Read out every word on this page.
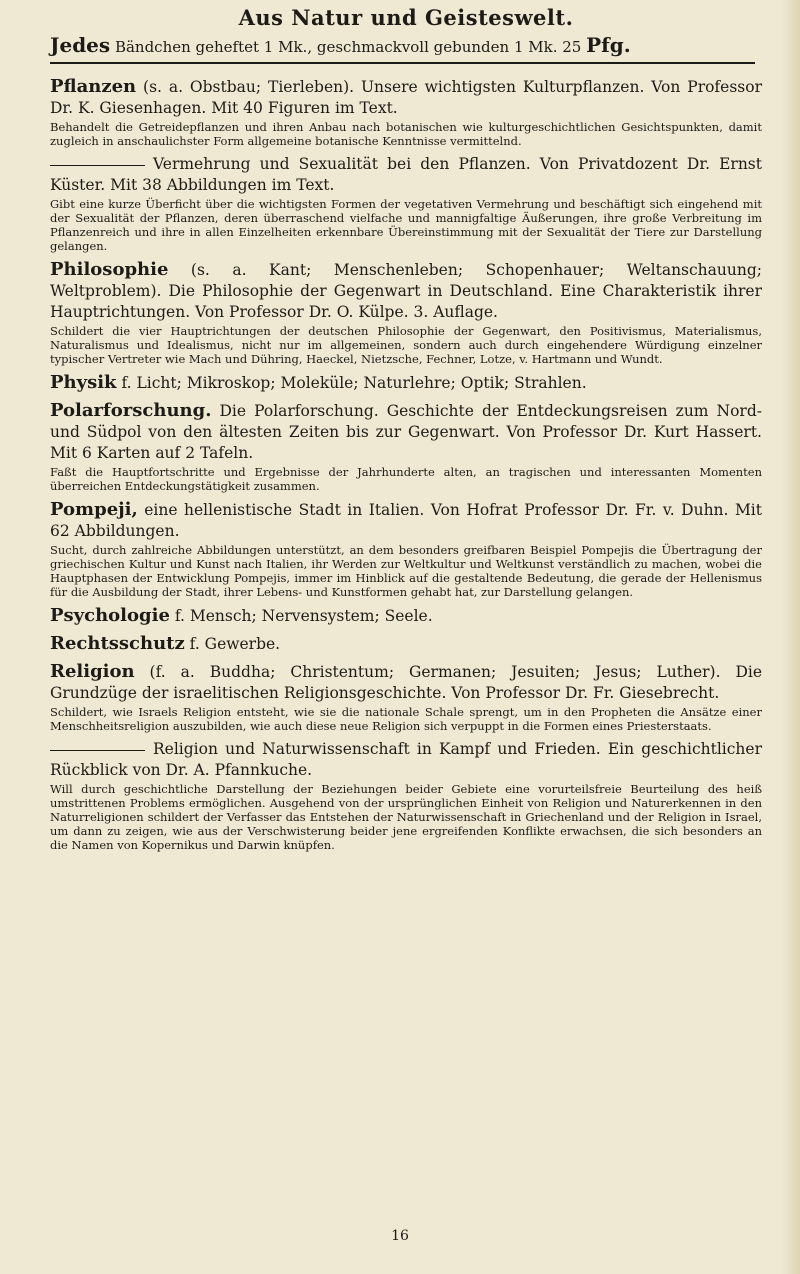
Aus Natur und Geisteswelt.
Jedes Bändchen geheftet 1 Mk., geschmackvoll gebunden 1 Mk. 25 Pfg.
Pflanzen (s. a. Obstbau; Tierleben). Unsere wichtigsten Kulturpflanzen. Von Professor Dr. K. Giesenhagen. Mit 40 Figuren im Text.
Behandelt die Getreidepflanzen und ihren Anbau nach botanischen wie kulturgeschichtlichen Gesichtspunkten, damit zugleich in anschaulichster Form allgemeine botanische Kenntnisse vermittelnd.
Vermehrung und Sexualität bei den Pflanzen. Von Privatdozent Dr. Ernst Küster. Mit 38 Abbildungen im Text.
Gibt eine kurze Überficht über die wichtigsten Formen der vegetativen Vermehrung und beschäftigt sich eingehend mit der Sexualität der Pflanzen, deren überraschend vielfache und mannigfaltige Äußerungen, ihre große Verbreitung im Pflanzenreich und ihre in allen Einzelheiten erkennbare Übereinstimmung mit der Sexualität der Tiere zur Darstellung gelangen.
Philosophie (s. a. Kant; Menschenleben; Schopenhauer; Weltanschauung; Weltproblem). Die Philosophie der Gegenwart in Deutschland. Eine Charakteristik ihrer Hauptrichtungen. Von Professor Dr. O. Külpe. 3. Auflage.
Schildert die vier Hauptrichtungen der deutschen Philosophie der Gegenwart, den Positivismus, Materialismus, Naturalismus und Idealismus, nicht nur im allgemeinen, sondern auch durch eingehendere Würdigung einzelner typischer Vertreter wie Mach und Dühring, Haeckel, Nietzsche, Fechner, Lotze, v. Hartmann und Wundt.
Physik f. Licht; Mikroskop; Moleküle; Naturlehre; Optik; Strahlen.
Polarforschung. Die Polarforschung. Geschichte der Entdeckungsreisen zum Nord- und Südpol von den ältesten Zeiten bis zur Gegenwart. Von Professor Dr. Kurt Hassert. Mit 6 Karten auf 2 Tafeln.
Faßt die Hauptfortschritte und Ergebnisse der Jahrhunderte alten, an tragischen und interessanten Momenten überreichen Entdeckungstätigkeit zusammen.
Pompeji, eine hellenistische Stadt in Italien. Von Hofrat Professor Dr. Fr. v. Duhn. Mit 62 Abbildungen.
Sucht, durch zahlreiche Abbildungen unterstützt, an dem besonders greifbaren Beispiel Pompejis die Übertragung der griechischen Kultur und Kunst nach Italien, ihr Werden zur Weltkultur und Weltkunst verständlich zu machen, wobei die Hauptphasen der Entwicklung Pompejis, immer im Hinblick auf die gestaltende Bedeutung, die gerade der Hellenismus für die Ausbildung der Stadt, ihrer Lebens- und Kunstformen gehabt hat, zur Darstellung gelangen.
Psychologie f. Mensch; Nervensystem; Seele.
Rechtsschutz f. Gewerbe.
Religion (f. a. Buddha; Christentum; Germanen; Jesuiten; Jesus; Luther). Die Grundzüge der israelitischen Religionsgeschichte. Von Professor Dr. Fr. Giesebrecht.
Schildert, wie Israels Religion entsteht, wie sie die nationale Schale sprengt, um in den Propheten die Ansätze einer Menschheitsreligion auszubilden, wie auch diese neue Religion sich verpuppt in die Formen eines Priesterstaats.
Religion und Naturwissenschaft in Kampf und Frieden. Ein geschichtlicher Rückblick von Dr. A. Pfannkuche.
Will durch geschichtliche Darstellung der Beziehungen beider Gebiete eine vorurteilsfreie Beurteilung des heiß umstrittenen Problems ermöglichen. Ausgehend von der ursprünglichen Einheit von Religion und Naturerkennen in den Naturreligionen schildert der Verfasser das Entstehen der Naturwissenschaft in Griechenland und der Religion in Israel, um dann zu zeigen, wie aus der Verschwisterung beider jene ergreifenden Konflikte erwachsen, die sich besonders an die Namen von Kopernikus und Darwin knüpfen.
16
